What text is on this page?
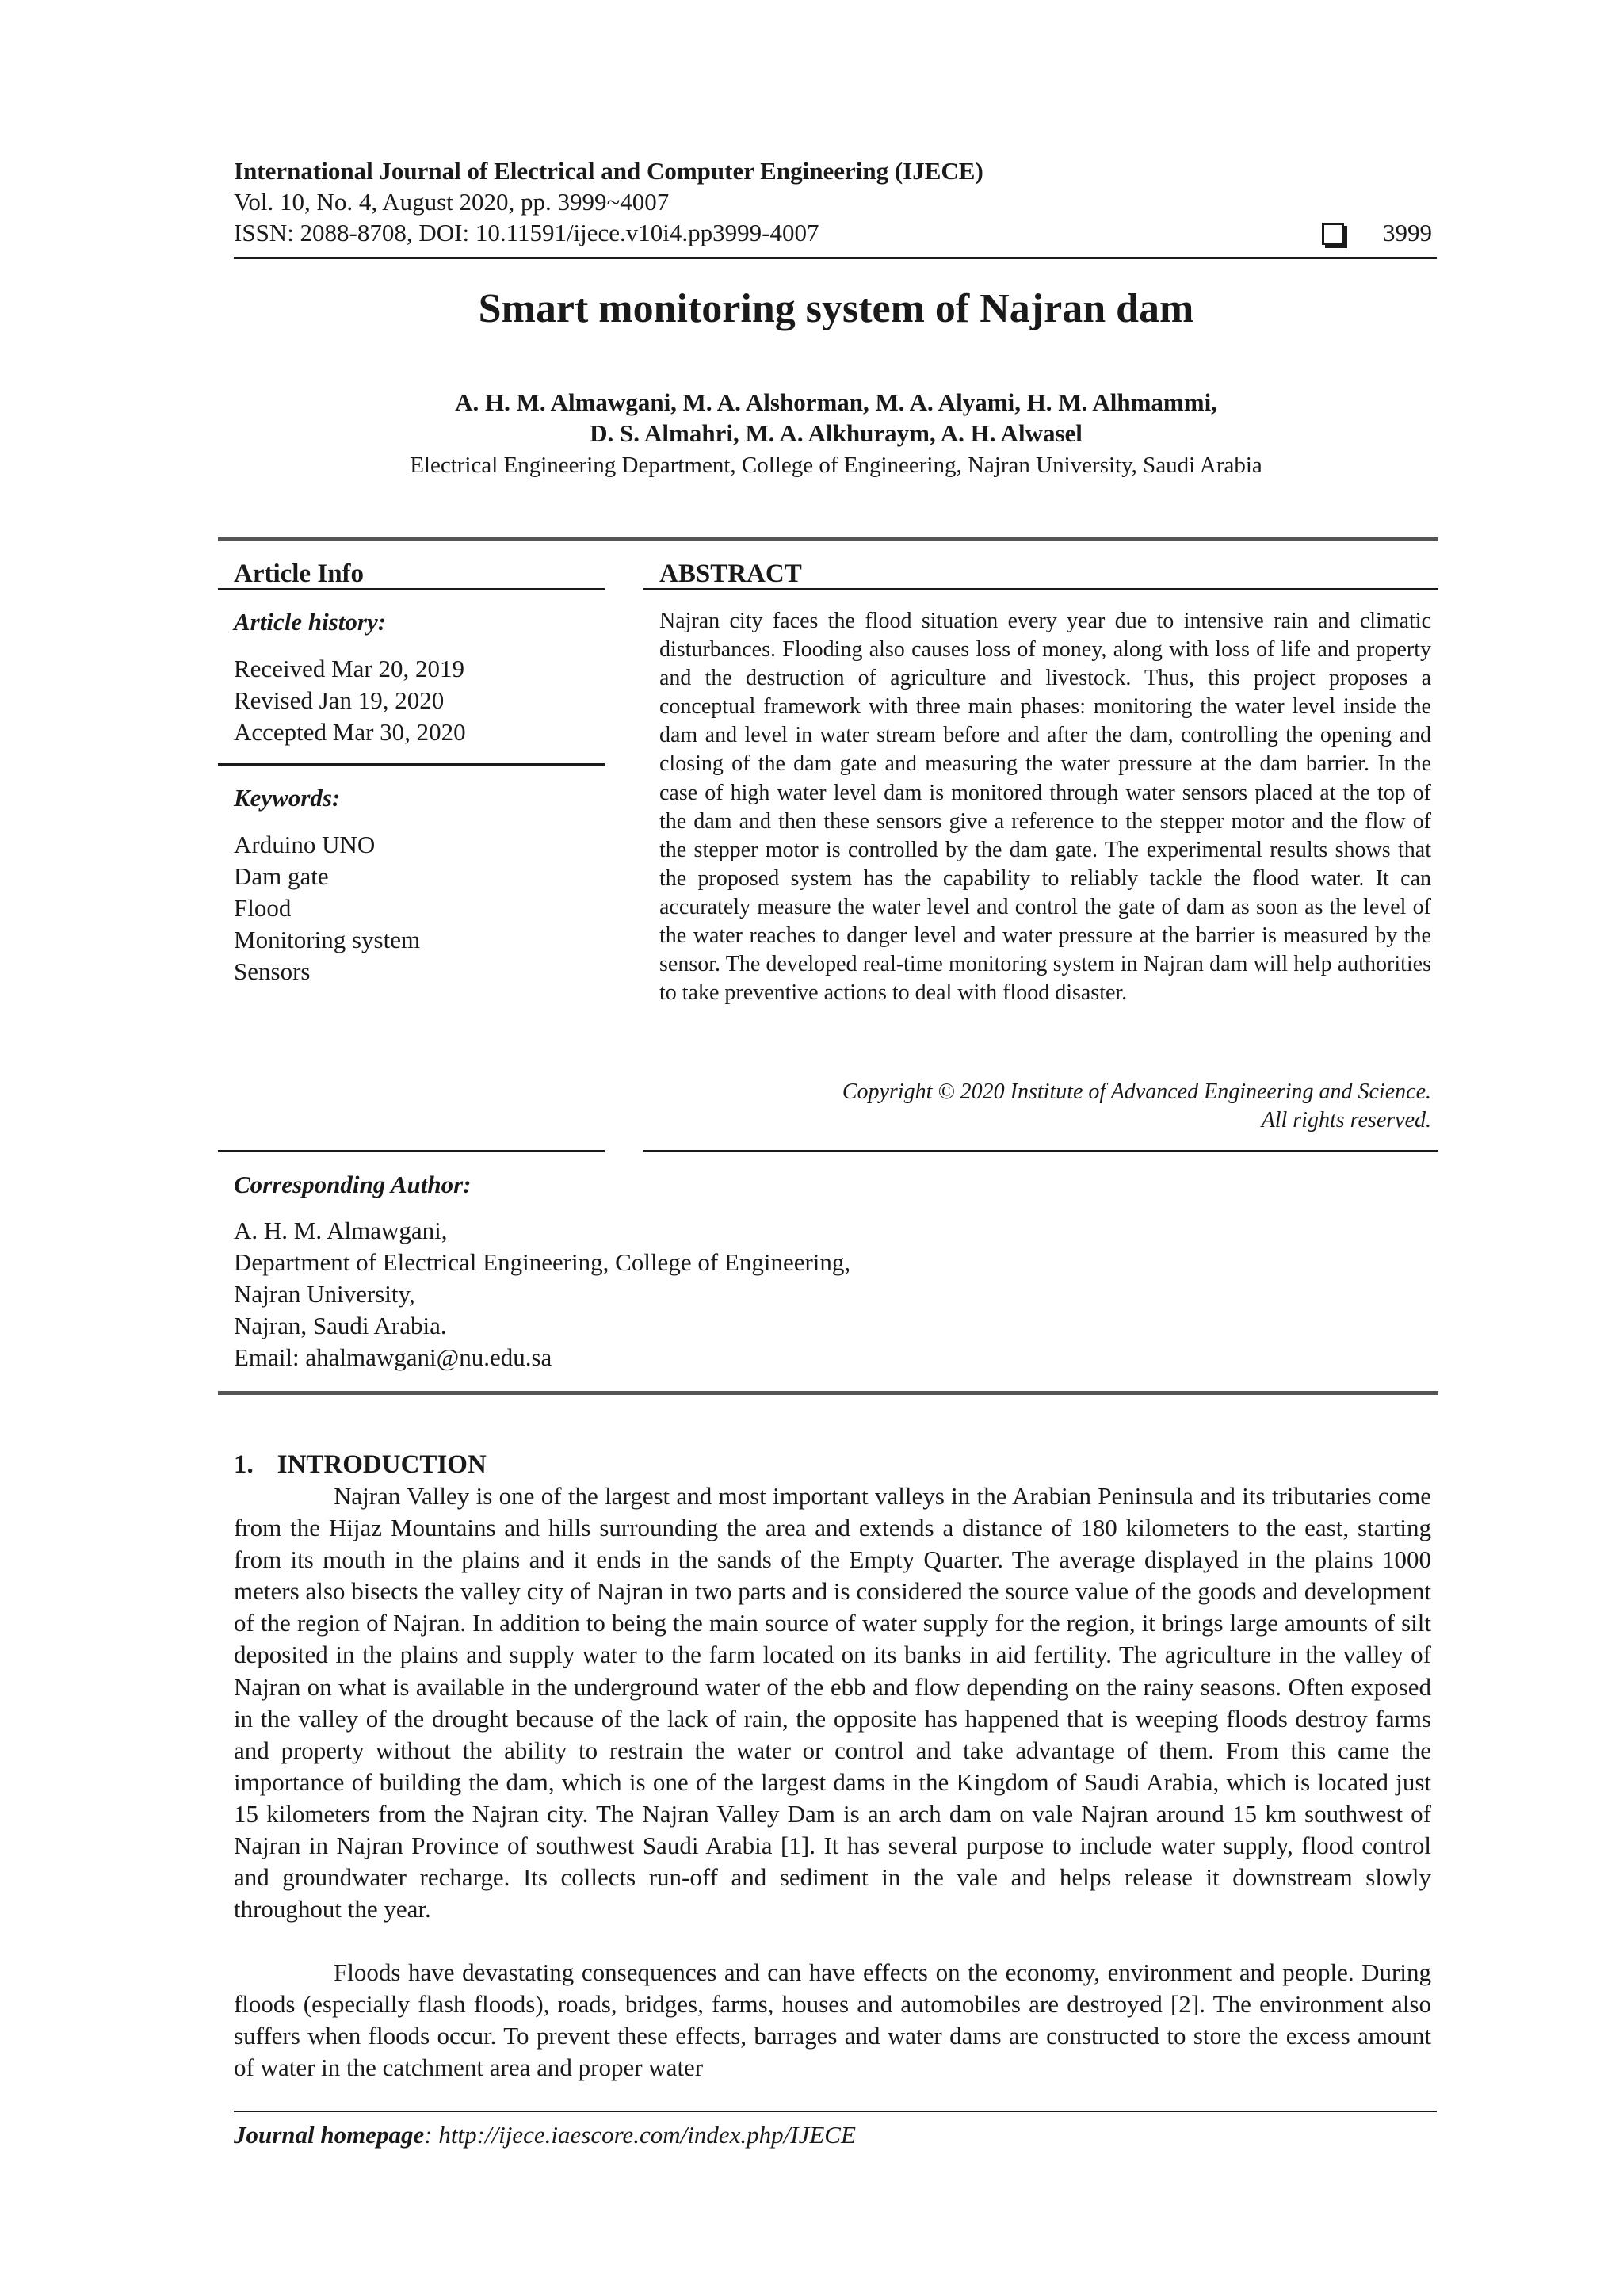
International Journal of Electrical and Computer Engineering (IJECE)
Vol. 10, No. 4, August 2020, pp. 3999~4007
ISSN: 2088-8708, DOI: 10.11591/ijece.v10i4.pp3999-4007	3999
Smart monitoring system of Najran dam
A. H. M. Almawgani, M. A. Alshorman, M. A. Alyami, H. M. Alhmammi,
D. S. Almahri, M. A. Alkhuraym, A. H. Alwasel
Electrical Engineering Department, College of Engineering, Najran University, Saudi Arabia
Article Info
Article history:
Received Mar 20, 2019
Revised Jan 19, 2020
Accepted Mar 30, 2020
Keywords:
Arduino UNO
Dam gate
Flood
Monitoring system
Sensors
ABSTRACT
Najran city faces the flood situation every year due to intensive rain and climatic disturbances. Flooding also causes loss of money, along with loss of life and property and the destruction of agriculture and livestock. Thus, this project proposes a conceptual framework with three main phases: monitoring the water level inside the dam and level in water stream before and after the dam, controlling the opening and closing of the dam gate and measuring the water pressure at the dam barrier. In the case of high water level dam is monitored through water sensors placed at the top of the dam and then these sensors give a reference to the stepper motor and the flow of the stepper motor is controlled by the dam gate. The experimental results shows that the proposed system has the capability to reliably tackle the flood water. It can accurately measure the water level and control the gate of dam as soon as the level of the water reaches to danger level and water pressure at the barrier is measured by the sensor. The developed real-time monitoring system in Najran dam will help authorities to take preventive actions to deal with flood disaster.
Copyright © 2020 Institute of Advanced Engineering and Science.
All rights reserved.
Corresponding Author:
A. H. M. Almawgani,
Department of Electrical Engineering, College of Engineering,
Najran University,
Najran, Saudi Arabia.
Email: ahalmawgani@nu.edu.sa
1. INTRODUCTION

Najran Valley is one of the largest and most important valleys in the Arabian Peninsula and its tributaries come from the Hijaz Mountains and hills surrounding the area and extends a distance of 180 kilometers to the east, starting from its mouth in the plains and it ends in the sands of the Empty Quarter. The average displayed in the plains 1000 meters also bisects the valley city of Najran in two parts and is considered the source value of the goods and development of the region of Najran. In addition to being the main source of water supply for the region, it brings large amounts of silt deposited in the plains and supply water to the farm located on its banks in aid fertility. The agriculture in the valley of Najran on what is available in the underground water of the ebb and flow depending on the rainy seasons. Often exposed in the valley of the drought because of the lack of rain, the opposite has happened that is weeping floods destroy farms and property without the ability to restrain the water or control and take advantage of them. From this came the importance of building the dam, which is one of the largest dams in the Kingdom of Saudi Arabia, which is located just 15 kilometers from the Najran city. The Najran Valley Dam is an arch dam on vale Najran around 15 km southwest of Najran in Najran Province of southwest Saudi Arabia [1]. It has several purpose to include water supply, flood control and groundwater recharge. Its collects run-off and sediment in the vale and helps release it downstream slowly throughout the year.

Floods have devastating consequences and can have effects on the economy, environment and people. During floods (especially flash floods), roads, bridges, farms, houses and automobiles are destroyed [2]. The environment also suffers when floods occur. To prevent these effects, barrages and water dams are constructed to store the excess amount of water in the catchment area and proper water

Journal homepage: http://ijece.iaescore.com/index.php/IJECE
